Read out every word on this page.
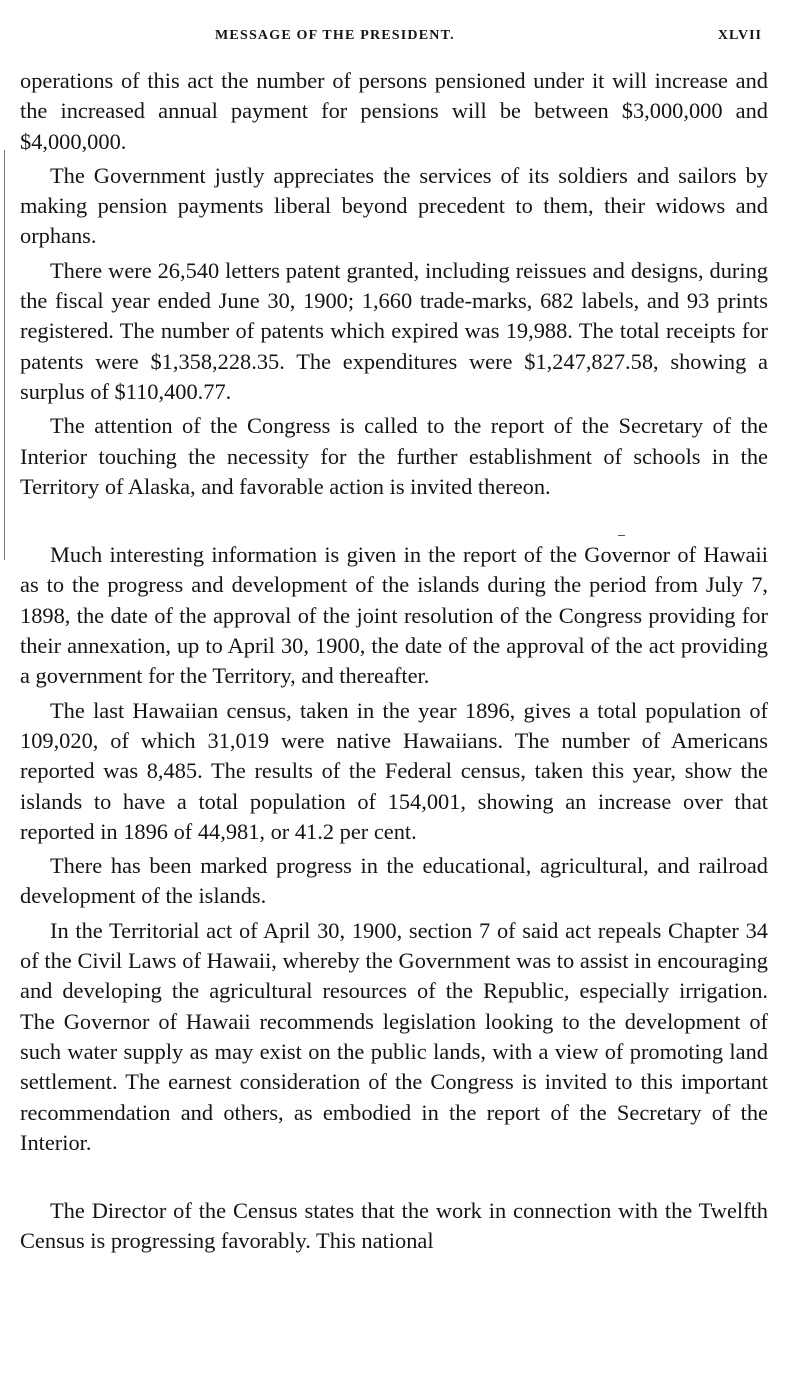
MESSAGE OF THE PRESIDENT.	XLVII

operations of this act the number of persons pensioned under it will increase and the increased annual payment for pensions will be between $3,000,000 and $4,000,000.

The Government justly appreciates the services of its soldiers and sailors by making pension payments liberal beyond precedent to them, their widows and orphans.

There were 26,540 letters patent granted, including reissues and designs, during the fiscal year ended June 30, 1900; 1,660 trade-marks, 682 labels, and 93 prints registered. The number of patents which expired was 19,988. The total receipts for patents were $1,358,228.35. The expenditures were $1,247,827.58, showing a surplus of $110,400.77.

The attention of the Congress is called to the report of the Secretary of the Interior touching the necessity for the further establishment of schools in the Territory of Alaska, and favorable action is invited thereon.

Much interesting information is given in the report of the Governor of Hawaii as to the progress and development of the islands during the period from July 7, 1898, the date of the approval of the joint resolution of the Congress providing for their annexation, up to April 30, 1900, the date of the approval of the act providing a government for the Territory, and thereafter.

The last Hawaiian census, taken in the year 1896, gives a total population of 109,020, of which 31,019 were native Hawaiians. The number of Americans reported was 8,485. The results of the Federal census, taken this year, show the islands to have a total population of 154,001, showing an increase over that reported in 1896 of 44,981, or 41.2 per cent.

There has been marked progress in the educational, agricultural, and railroad development of the islands.

In the Territorial act of April 30, 1900, section 7 of said act repeals Chapter 34 of the Civil Laws of Hawaii, whereby the Government was to assist in encouraging and developing the agricultural resources of the Republic, especially irrigation. The Governor of Hawaii recommends legislation looking to the development of such water supply as may exist on the public lands, with a view of promoting land settlement. The earnest consideration of the Congress is invited to this important recommendation and others, as embodied in the report of the Secretary of the Interior.

The Director of the Census states that the work in connection with the Twelfth Census is progressing favorably. This national
